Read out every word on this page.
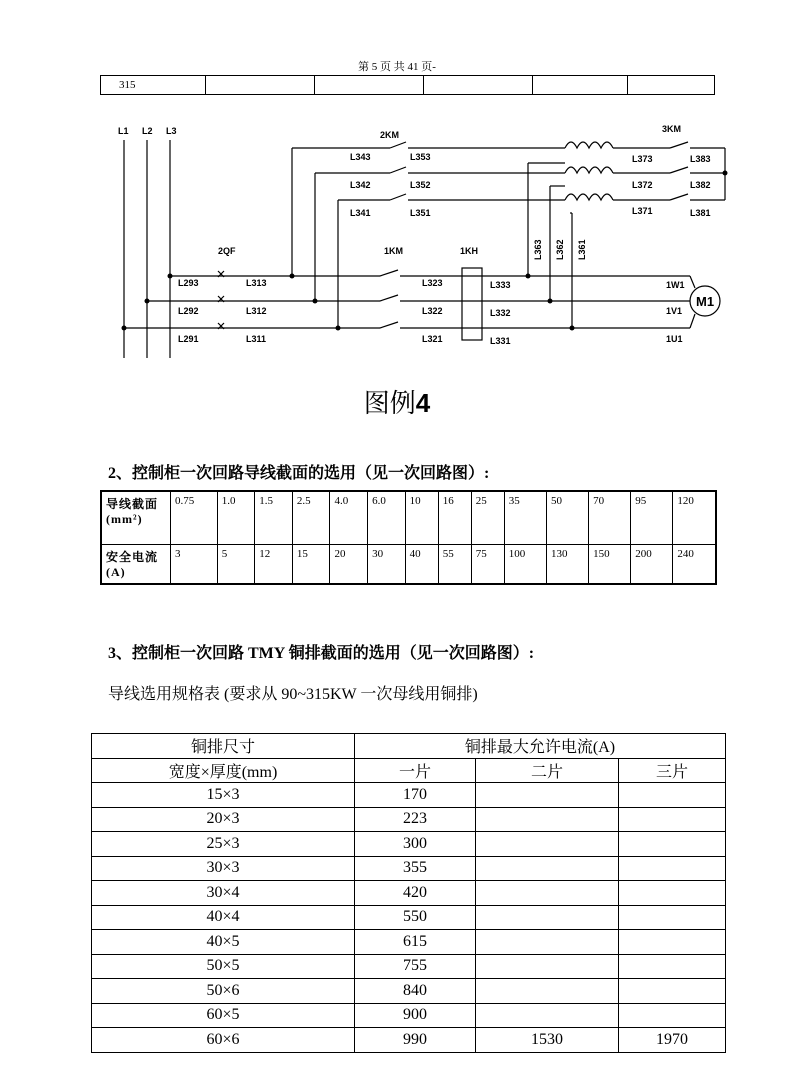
第 5 页 共 41 页-
315					
L1 L2 L3	2KM
3KM
1KM	1KH
2QF
M1
L343
L342
L341
L353
L352
L351
L373
L372
L371
L383
L382
L381
L293
L292
L291
L313
L312
L311
L323
L322
L321
L333
L332
L331
L363 L362 L361
1W1
1V1
1U1
图例4
2、控制柜一次回路导线截面的选用（见一次回路图）:
导线截面 (mm²)	0.75	1.0	1.5	2.5	4.0	6.0	10	16	25	35	50	70	95	120
安全电流(A)	3	5	12	15	20	30	40	55	75	100	130	150	200	240
3、控制柜一次回路 TMY 铜排截面的选用（见一次回路图）:
导线选用规格表 (要求从 90~315KW 一次母线用铜排)
铜排尺寸	铜排最大允许电流(A)		
宽度×厚度(mm)	一片	二片	三片
15×3	170		
20×3	223		
25×3	300		
30×3	355		
30×4	420		
40×4	550		
40×5	615		
50×5	755		
50×6	840		
60×5	900		
60×6	990	1530	1970
